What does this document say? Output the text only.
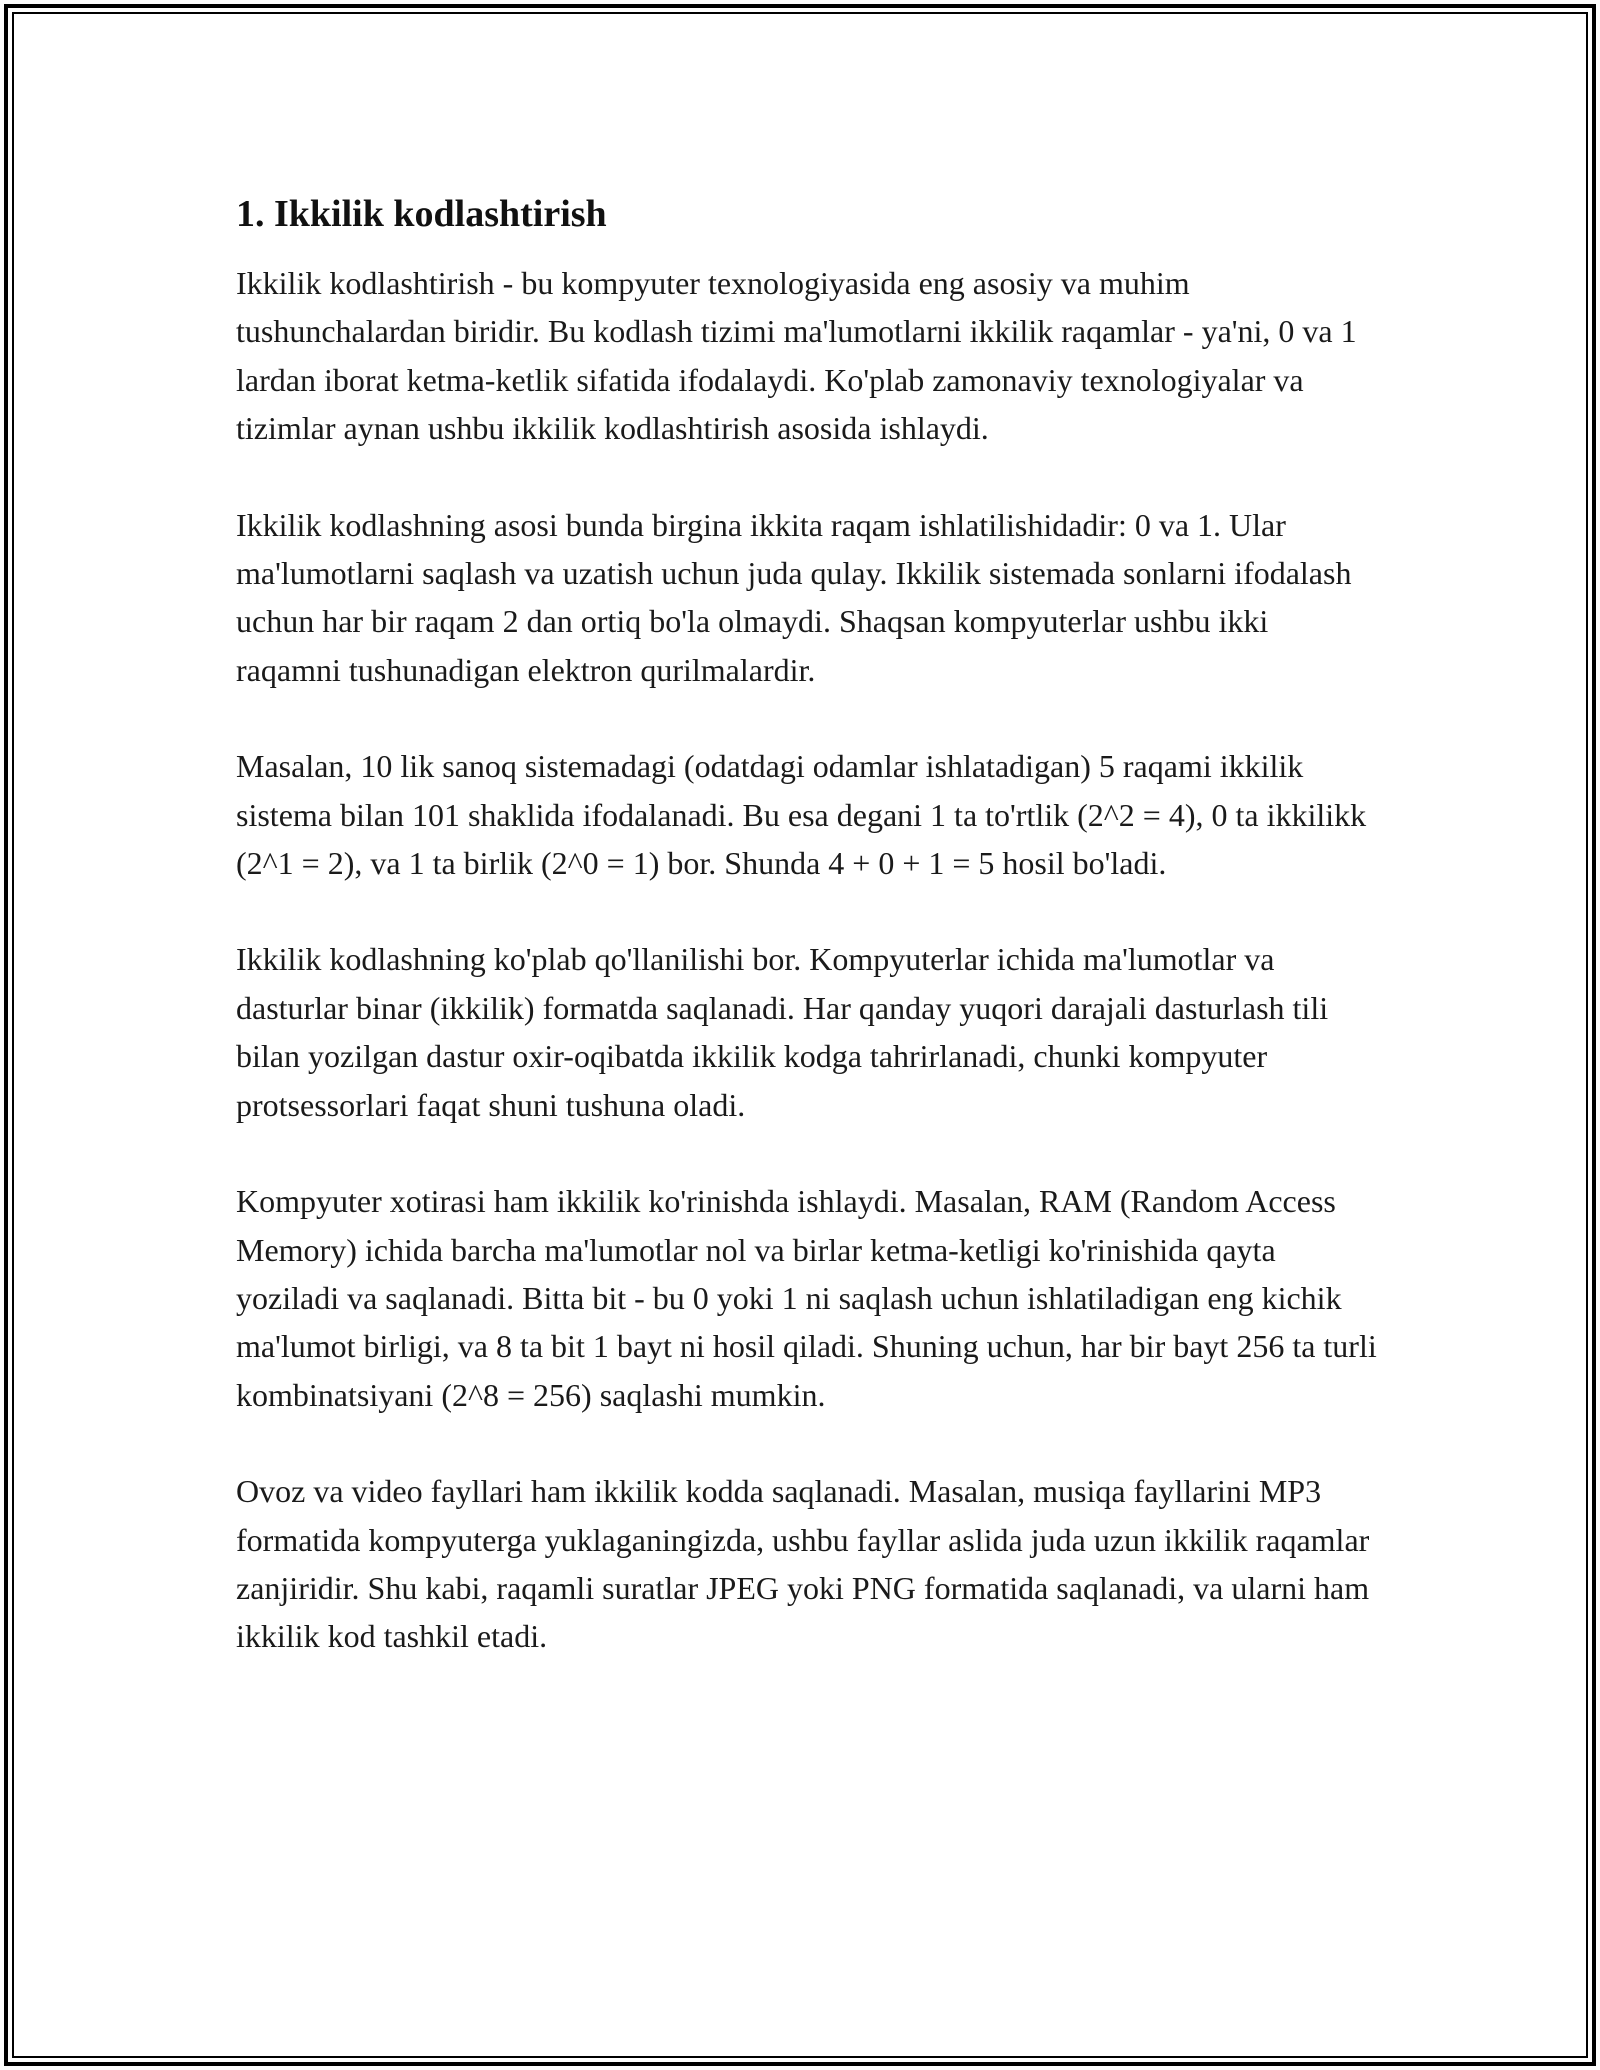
1. Ikkilik kodlashtirish

Ikkilik kodlashtirish - bu kompyuter texnologiyasida eng asosiy va muhim tushunchalardan biridir. Bu kodlash tizimi ma'lumotlarni ikkilik raqamlar - ya'ni, 0 va 1 lardan iborat ketma-ketlik sifatida ifodalaydi. Ko'plab zamonaviy texnologiyalar va tizimlar aynan ushbu ikkilik kodlashtirish asosida ishlaydi.

Ikkilik kodlashning asosi bunda birgina ikkita raqam ishlatilishidadir: 0 va 1. Ular ma'lumotlarni saqlash va uzatish uchun juda qulay. Ikkilik sistemada sonlarni ifodalash uchun har bir raqam 2 dan ortiq bo'la olmaydi. Shaqsan kompyuterlar ushbu ikki raqamni tushunadigan elektron qurilmalardir.

Masalan, 10 lik sanoq sistemadagi (odatdagi odamlar ishlatadigan) 5 raqami ikkilik sistema bilan 101 shaklida ifodalanadi. Bu esa degani 1 ta to'rtlik (2^2 = 4), 0 ta ikkilikk (2^1 = 2), va 1 ta birlik (2^0 = 1) bor. Shunda 4 + 0 + 1 = 5 hosil bo'ladi.

Ikkilik kodlashning ko'plab qo'llanilishi bor. Kompyuterlar ichida ma'lumotlar va dasturlar binar (ikkilik) formatda saqlanadi. Har qanday yuqori darajali dasturlash tili bilan yozilgan dastur oxir-oqibatda ikkilik kodga tahrirlanadi, chunki kompyuter protsessorlari faqat shuni tushuna oladi.

Kompyuter xotirasi ham ikkilik ko'rinishda ishlaydi. Masalan, RAM (Random Access Memory) ichida barcha ma'lumotlar nol va birlar ketma-ketligi ko'rinishida qayta yoziladi va saqlanadi. Bitta bit - bu 0 yoki 1 ni saqlash uchun ishlatiladigan eng kichik ma'lumot birligi, va 8 ta bit 1 bayt ni hosil qiladi. Shuning uchun, har bir bayt 256 ta turli kombinatsiyani (2^8 = 256) saqlashi mumkin.

Ovoz va video fayllari ham ikkilik kodda saqlanadi. Masalan, musiqa fayllarini MP3 formatida kompyuterga yuklaganingizda, ushbu fayllar aslida juda uzun ikkilik raqamlar zanjiridir. Shu kabi, raqamli suratlar JPEG yoki PNG formatida saqlanadi, va ularni ham ikkilik kod tashkil etadi.
